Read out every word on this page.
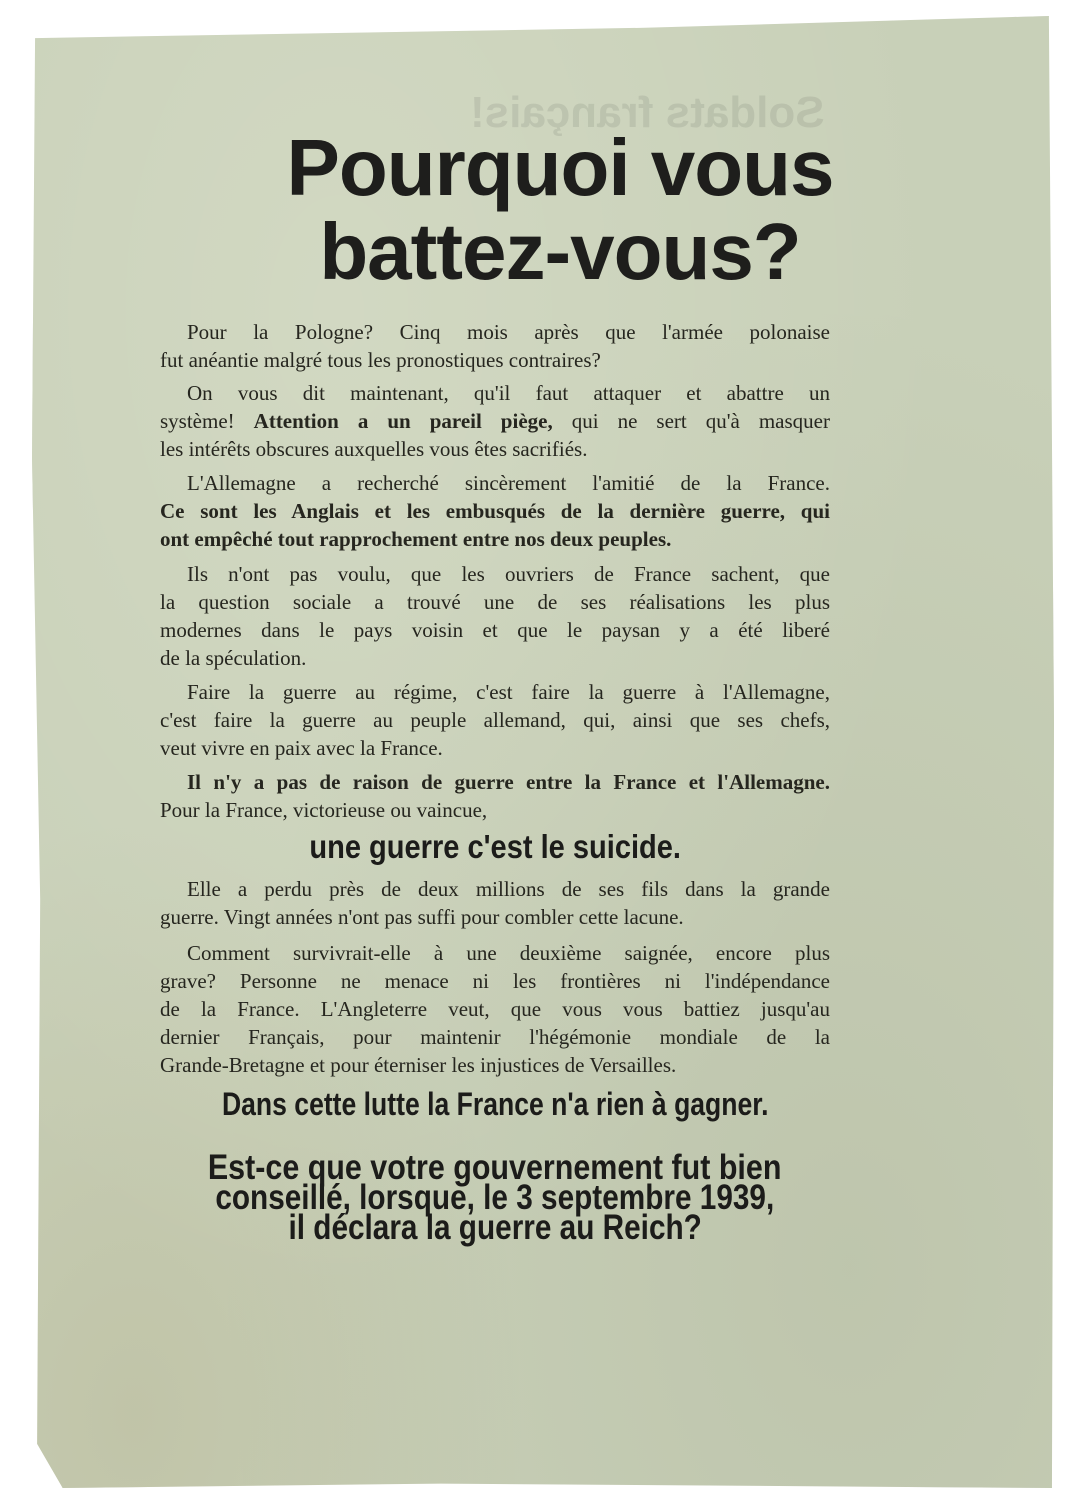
Soldats français!
Pourquoi vous
battez-vous?
Pour la Pologne? Cinq mois après que l'armée polonaise
fut anéantie malgré tous les pronostiques contraires?
On vous dit maintenant, qu'il faut attaquer et abattre un
système! Attention a un pareil piège, qui ne sert qu'à masquer
les intérêts obscures auxquelles vous êtes sacrifiés.
L'Allemagne a recherché sincèrement l'amitié de la France.
Ce sont les Anglais et les embusqués de la dernière guerre, qui
ont empêché tout rapprochement entre nos deux peuples.
Ils n'ont pas voulu, que les ouvriers de France sachent, que
la question sociale a trouvé une de ses réalisations les plus
modernes dans le pays voisin et que le paysan y a été liberé
de la spéculation.
Faire la guerre au régime, c'est faire la guerre à l'Allemagne,
c'est faire la guerre au peuple allemand, qui, ainsi que ses chefs,
veut vivre en paix avec la France.
Il n'y a pas de raison de guerre entre la France et l'Allemagne.
Pour la France, victorieuse ou vaincue,
une guerre c'est le suicide.
Elle a perdu près de deux millions de ses fils dans la grande
guerre. Vingt années n'ont pas suffi pour combler cette lacune.
Comment survivrait-elle à une deuxième saignée, encore plus
grave? Personne ne menace ni les frontières ni l'indépendance
de la France. L'Angleterre veut, que vous vous battiez jusqu'au
dernier Français, pour maintenir l'hégémonie mondiale de la
Grande-Bretagne et pour éterniser les injustices de Versailles.
Dans cette lutte la France n'a rien à gagner.
Est-ce que votre gouvernement fut bien
conseillé, lorsque, le 3 septembre 1939,
il déclara la guerre au Reich?
